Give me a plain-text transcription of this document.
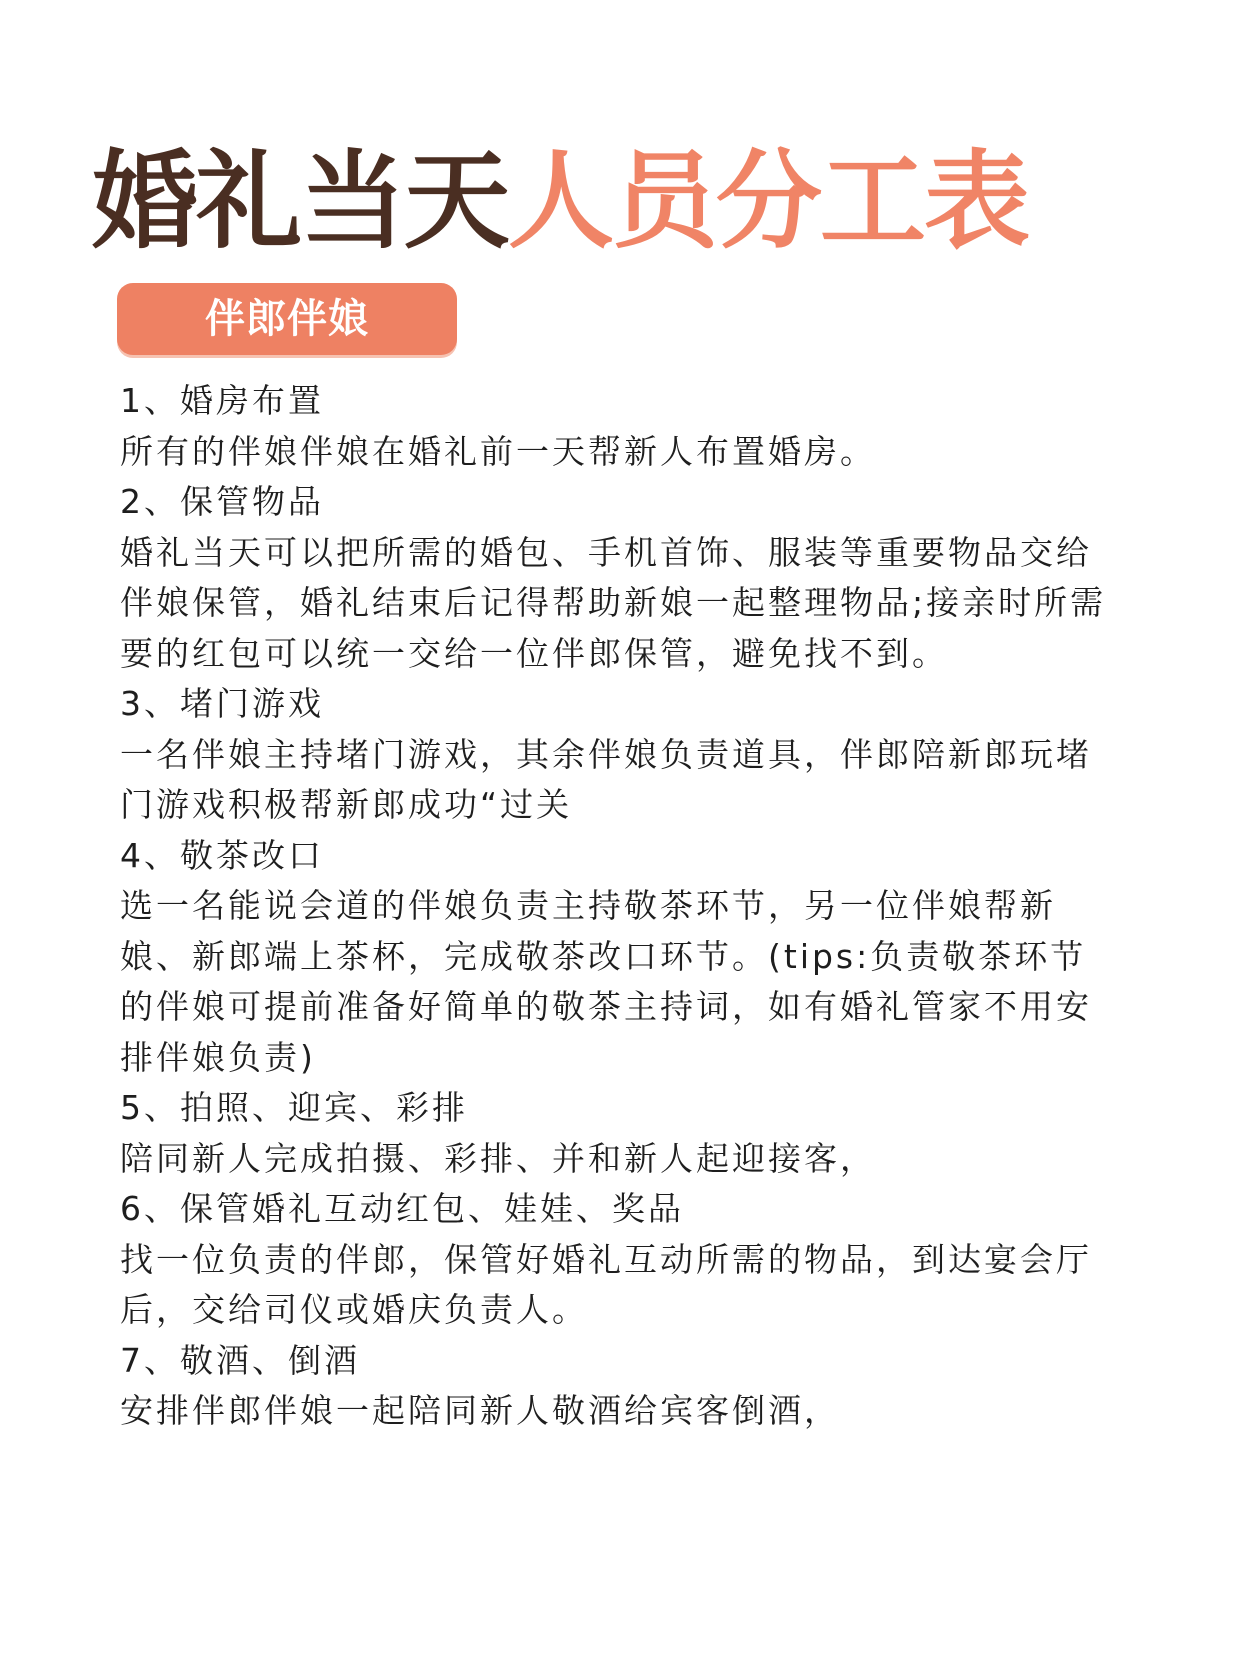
婚礼当天人员分工表
伴郎伴娘
1、婚房布置

所有的伴娘伴娘在婚礼前一天帮新人布置婚房。

2、保管物品

婚礼当天可以把所需的婚包、手机首饰、服装等重要物品交给伴娘保管，婚礼结束后记得帮助新娘一起整理物品;接亲时所需要的红包可以统一交给一位伴郎保管，避免找不到。

3、堵门游戏

一名伴娘主持堵门游戏，其余伴娘负责道具，伴郎陪新郎玩堵门游戏积极帮新郎成功“过关

4、敬茶改口

选一名能说会道的伴娘负责主持敬茶环节，另一位伴娘帮新娘、新郎端上茶杯，完成敬茶改口环节。(tips:负责敬茶环节的伴娘可提前准备好简单的敬茶主持词，如有婚礼管家不用安排伴娘负责)

5、拍照、迎宾、彩排

陪同新人完成拍摄、彩排、并和新人起迎接客，

6、保管婚礼互动红包、娃娃、奖品

找一位负责的伴郎，保管好婚礼互动所需的物品，到达宴会厅后，交给司仪或婚庆负责人。

7、敬酒、倒酒

安排伴郎伴娘一起陪同新人敬酒给宾客倒酒，
